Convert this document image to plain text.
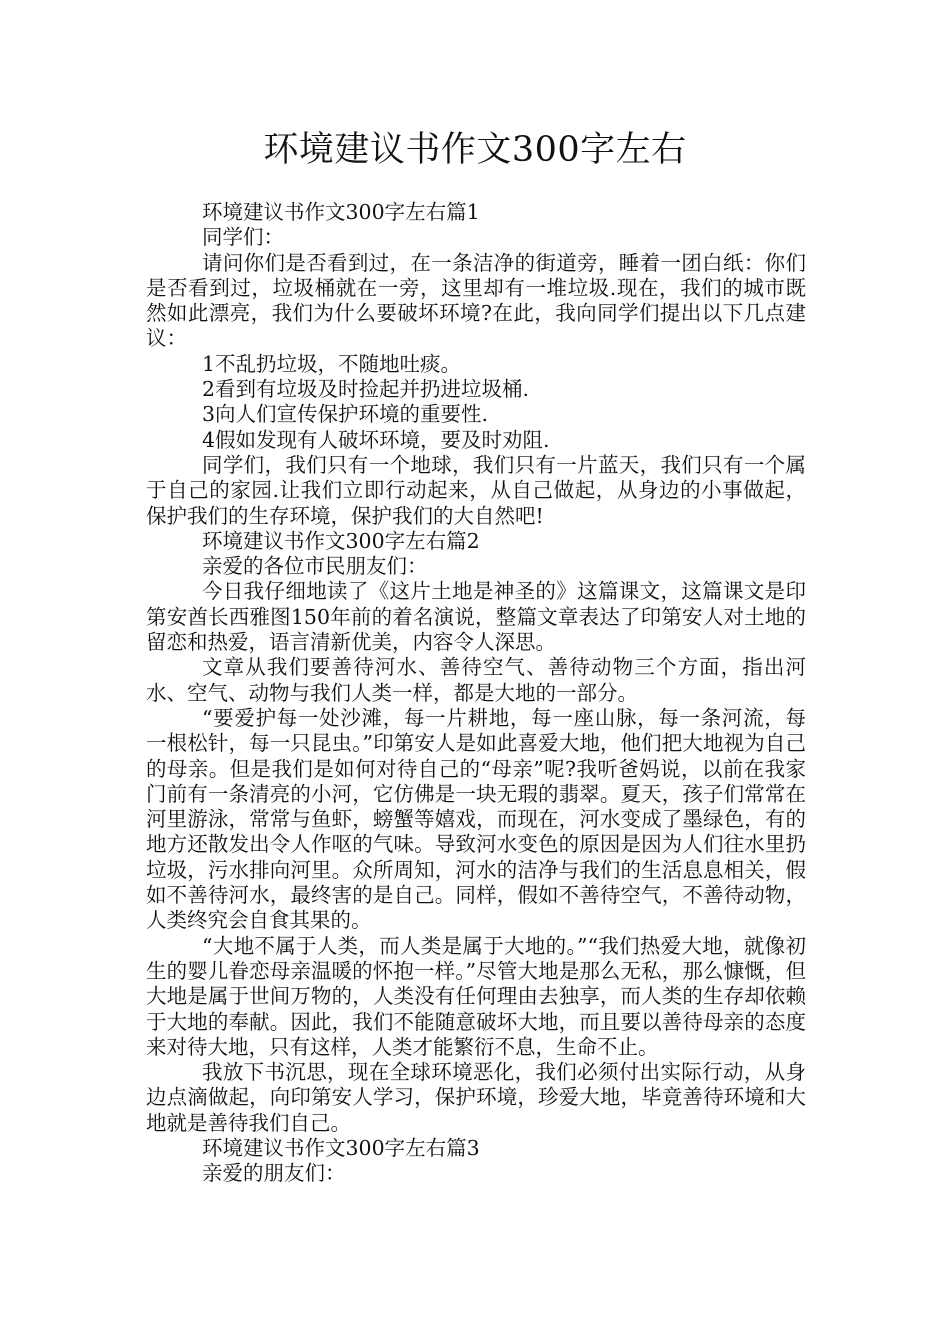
环境建议书作文300字左右

环境建议书作文300字左右篇1

同学们：

请问你们是否看到过，在一条洁净的街道旁，睡着一团白纸：你们是否看到过，垃圾桶就在一旁，这里却有一堆垃圾.现在，我们的城市既然如此漂亮，我们为什么要破坏环境?在此，我向同学们提出以下几点建议：

1不乱扔垃圾，不随地吐痰。

2看到有垃圾及时捡起并扔进垃圾桶.

3向人们宣传保护环境的重要性.

4假如发现有人破坏环境，要及时劝阻.

同学们，我们只有一个地球，我们只有一片蓝天，我们只有一个属于自己的家园.让我们立即行动起来，从自己做起，从身边的小事做起，保护我们的生存环境，保护我们的大自然吧!

环境建议书作文300字左右篇2

亲爱的各位市民朋友们：

今日我仔细地读了《这片土地是神圣的》这篇课文，这篇课文是印第安酋长西雅图150年前的着名演说，整篇文章表达了印第安人对土地的留恋和热爱，语言清新优美，内容令人深思。

文章从我们要善待河水、善待空气、善待动物三个方面，指出河水、空气、动物与我们人类一样，都是大地的一部分。

“要爱护每一处沙滩，每一片耕地，每一座山脉，每一条河流，每一根松针，每一只昆虫。”印第安人是如此喜爱大地，他们把大地视为自己的母亲。但是我们是如何对待自己的“母亲”呢?我听爸妈说，以前在我家门前有一条清亮的小河，它仿佛是一块无瑕的翡翠。夏天，孩子们常常在河里游泳，常常与鱼虾，螃蟹等嬉戏，而现在，河水变成了墨绿色，有的地方还散发出令人作呕的气味。导致河水变色的原因是因为人们往水里扔垃圾，污水排向河里。众所周知，河水的洁净与我们的生活息息相关，假如不善待河水，最终害的是自己。同样，假如不善待空气，不善待动物，人类终究会自食其果的。

“大地不属于人类，而人类是属于大地的。”“我们热爱大地，就像初生的婴儿眷恋母亲温暖的怀抱一样。”尽管大地是那么无私，那么慷慨，但大地是属于世间万物的，人类没有任何理由去独享，而人类的生存却依赖于大地的奉献。因此，我们不能随意破坏大地，而且要以善待母亲的态度来对待大地，只有这样，人类才能繁衍不息，生命不止。

我放下书沉思，现在全球环境恶化，我们必须付出实际行动，从身边点滴做起，向印第安人学习，保护环境，珍爱大地，毕竟善待环境和大地就是善待我们自己。

环境建议书作文300字左右篇3

亲爱的朋友们：
